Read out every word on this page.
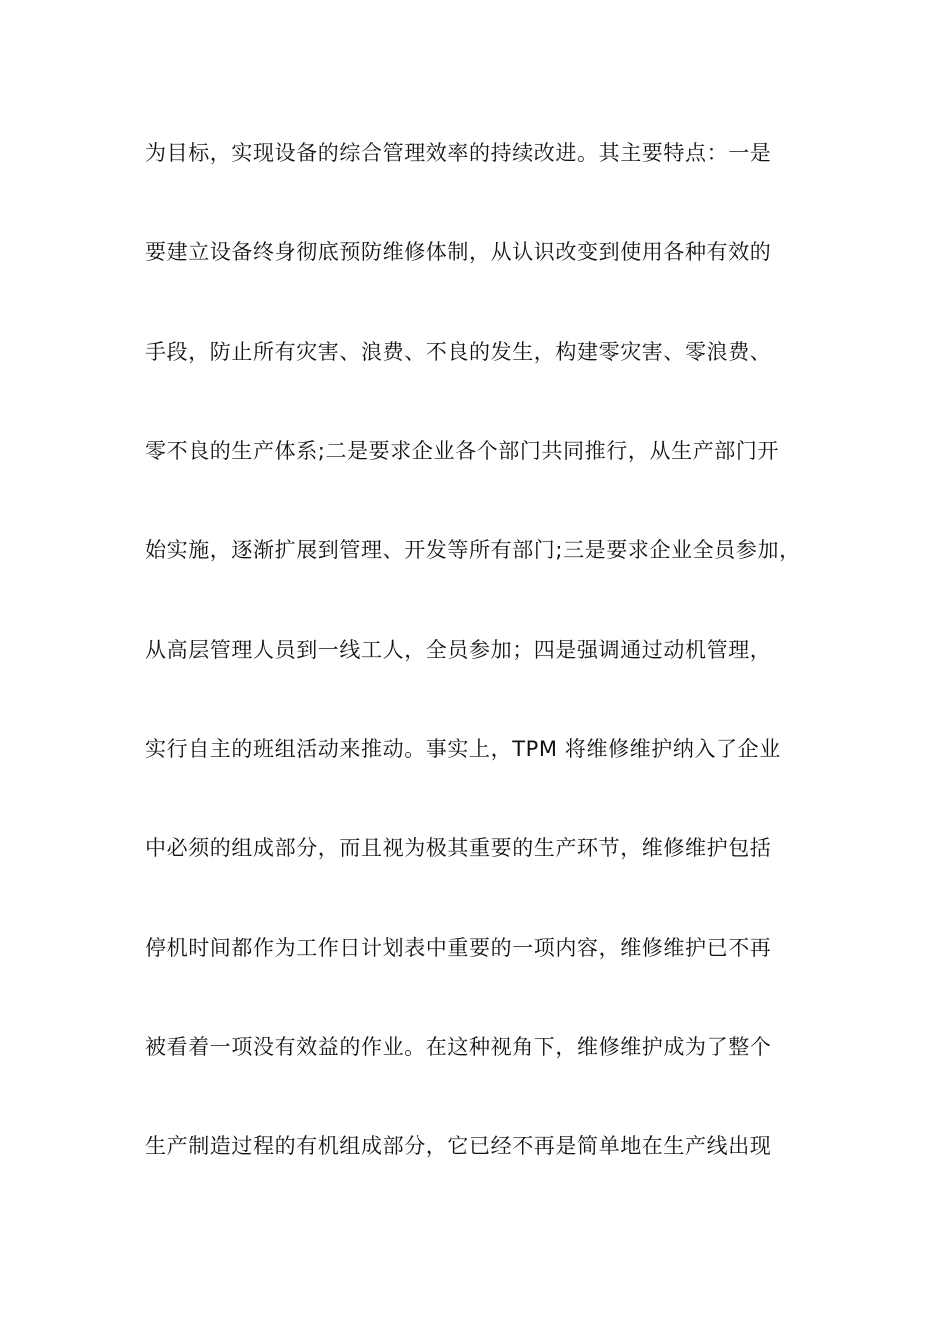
为目标，实现设备的综合管理效率的持续改进。其主要特点：一是
要建立设备终身彻底预防维修体制，从认识改变到使用各种有效的
手段，防止所有灾害、浪费、不良的发生，构建零灾害、零浪费、
零不良的生产体系;二是要求企业各个部门共同推行，从生产部门开
始实施，逐渐扩展到管理、开发等所有部门;三是要求企业全员参加，
从高层管理人员到一线工人，全员参加；四是强调通过动机管理，
实行自主的班组活动来推动。事实上，TPM 将维修维护纳入了企业
中必须的组成部分，而且视为极其重要的生产环节，维修维护包括
停机时间都作为工作日计划表中重要的一项内容，维修维护已不再
被看着一项没有效益的作业。在这种视角下，维修维护成为了整个
生产制造过程的有机组成部分，它已经不再是简单地在生产线出现
